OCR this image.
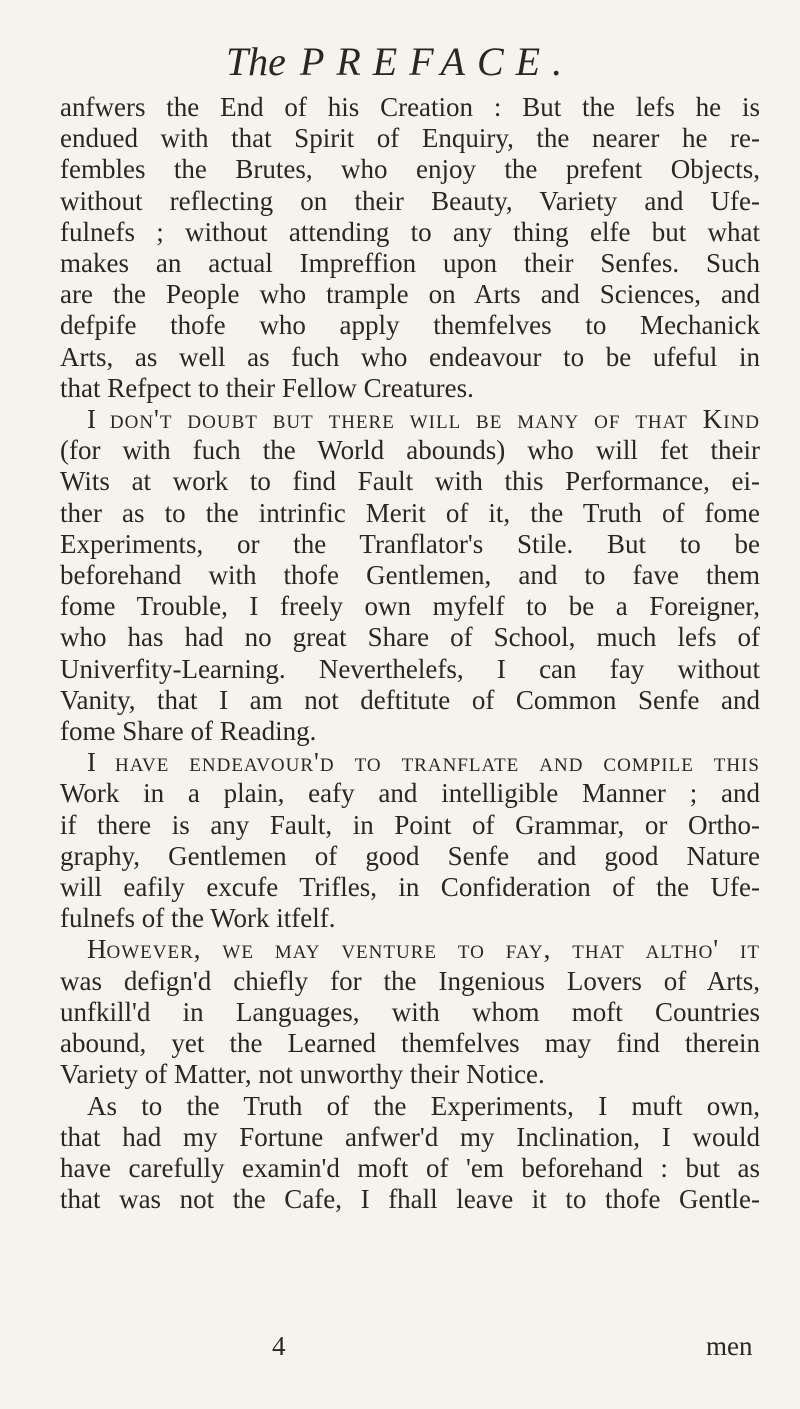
The PREFACE.
anfwers the End of his Creation : But the lefs he is
endued with that Spirit of Enquiry, the nearer he re-
fembles the Brutes, who enjoy the prefent Objects,
without reflecting on their Beauty, Variety and Ufe-
fulnefs ; without attending to any thing elfe but what
makes an actual Impreffion upon their Senfes. Such
are the People who trample on Arts and Sciences, and
defpife thofe who apply themfelves to Mechanick
Arts, as well as fuch who endeavour to be ufeful in
that Refpect to their Fellow Creatures.
 I don't doubt but there will be many of that Kind
(for with fuch the World abounds) who will fet their
Wits at work to find Fault with this Performance, ei-
ther as to the intrinfic Merit of it, the Truth of fome
Experiments, or the Tranflator's Stile. But to be
beforehand with thofe Gentlemen, and to fave them
fome Trouble, I freely own myfelf to be a Foreigner,
who has had no great Share of School, much lefs of
Univerfity-Learning. Neverthelefs, I can fay without
Vanity, that I am not deftitute of Common Senfe and
fome Share of Reading.
 I have endeavour'd to tranflate and compile this
Work in a plain, eafy and intelligible Manner ; and
if there is any Fault, in Point of Grammar, or Ortho-
graphy, Gentlemen of good Senfe and good Nature
will eafily excufe Trifles, in Confideration of the Ufe-
fulnefs of the Work itfelf.
 However, we may venture to fay, that altho' it
was defign'd chiefly for the Ingenious Lovers of Arts,
unfkill'd in Languages, with whom moft Countries
abound, yet the Learned themfelves may find therein
Variety of Matter, not unworthy their Notice.
 As to the Truth of the Experiments, I muft own,
that had my Fortune anfwer'd my Inclination, I would
have carefully examin'd moft of 'em beforehand : but as
that was not the Cafe, I fhall leave it to thofe Gentle-
4	men
